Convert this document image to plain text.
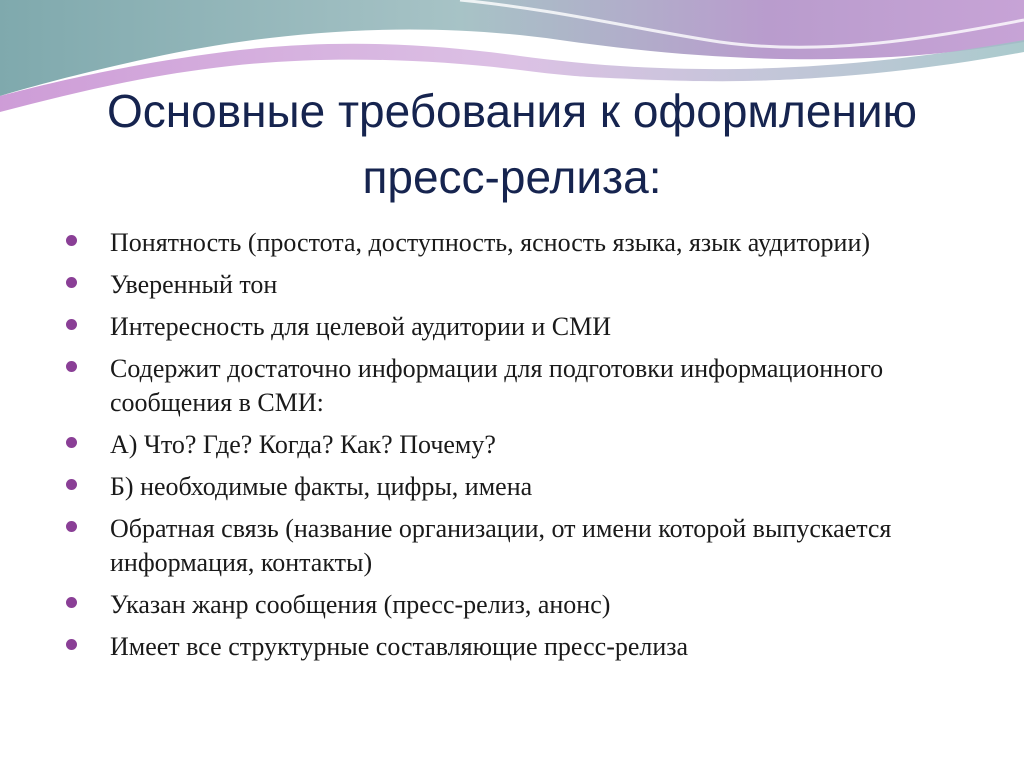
Основные требования к оформлению
пресс-релиза:
Понятность (простота, доступность, ясность языка, язык аудитории)
Уверенный тон
Интересность для целевой аудитории и СМИ
Содержит достаточно информации для подготовки информационного сообщения в СМИ:
А) Что? Где? Когда? Как? Почему?
Б) необходимые факты, цифры, имена
Обратная связь (название организации, от имени которой выпускается информация, контакты)
Указан жанр сообщения (пресс-релиз, анонс)
Имеет все структурные составляющие пресс-релиза
